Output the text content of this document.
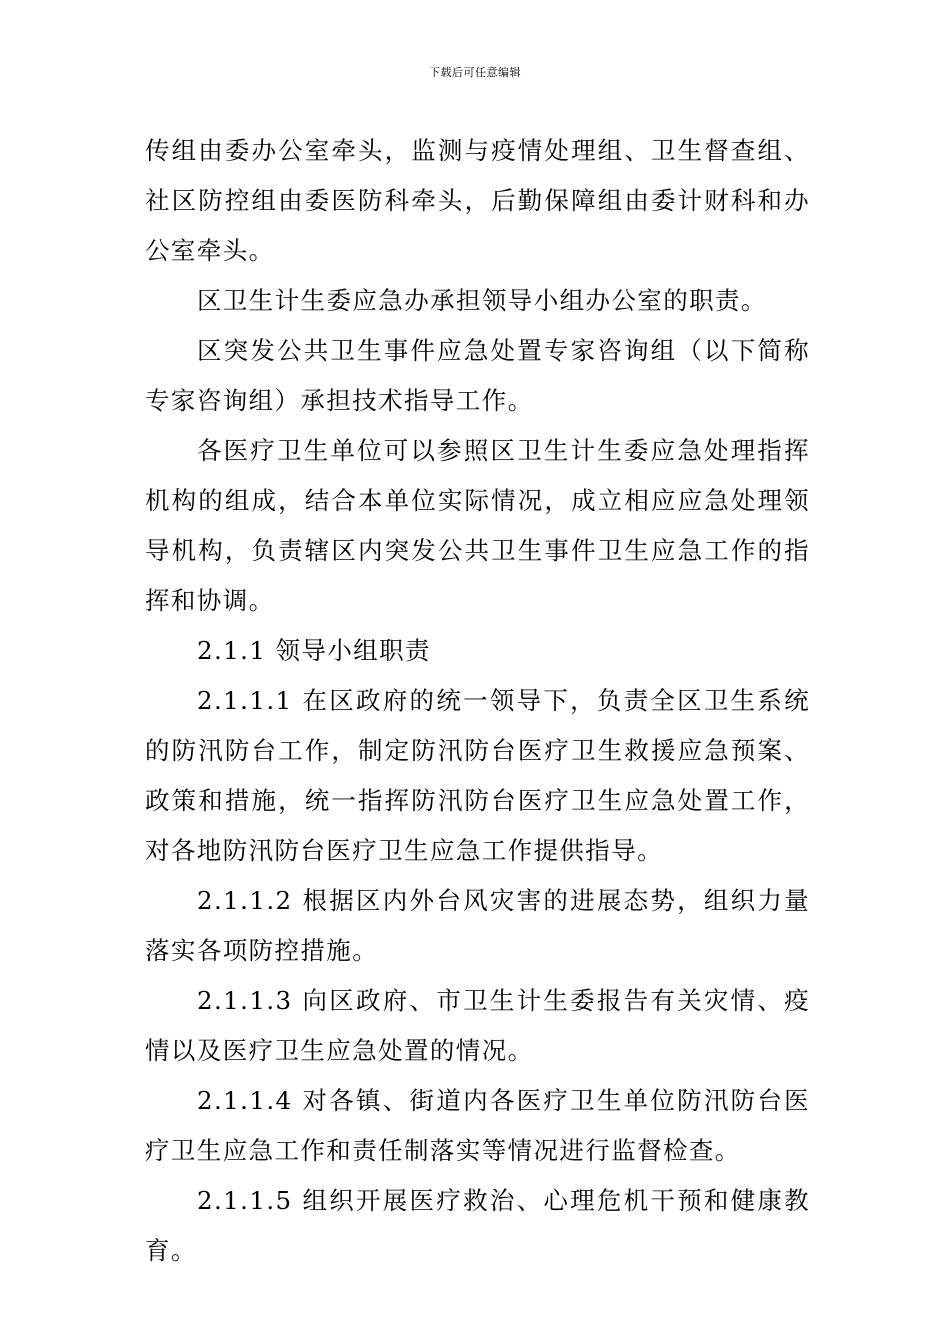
下载后可任意编辑

传组由委办公室牵头，监测与疫情处理组、卫生督查组、社区防控组由委医防科牵头，后勤保障组由委计财科和办公室牵头。

区卫生计生委应急办承担领导小组办公室的职责。

区突发公共卫生事件应急处置专家咨询组（以下简称专家咨询组）承担技术指导工作。

各医疗卫生单位可以参照区卫生计生委应急处理指挥机构的组成，结合本单位实际情况，成立相应应急处理领导机构，负责辖区内突发公共卫生事件卫生应急工作的指挥和协调。

2.1.1 领导小组职责

2.1.1.1 在区政府的统一领导下，负责全区卫生系统的防汛防台工作，制定防汛防台医疗卫生救援应急预案、政策和措施，统一指挥防汛防台医疗卫生应急处置工作，对各地防汛防台医疗卫生应急工作提供指导。

2.1.1.2 根据区内外台风灾害的进展态势，组织力量落实各项防控措施。

2.1.1.3 向区政府、市卫生计生委报告有关灾情、疫情以及医疗卫生应急处置的情况。

2.1.1.4 对各镇、街道内各医疗卫生单位防汛防台医疗卫生应急工作和责任制落实等情况进行监督检查。

2.1.1.5 组织开展医疗救治、心理危机干预和健康教育。
